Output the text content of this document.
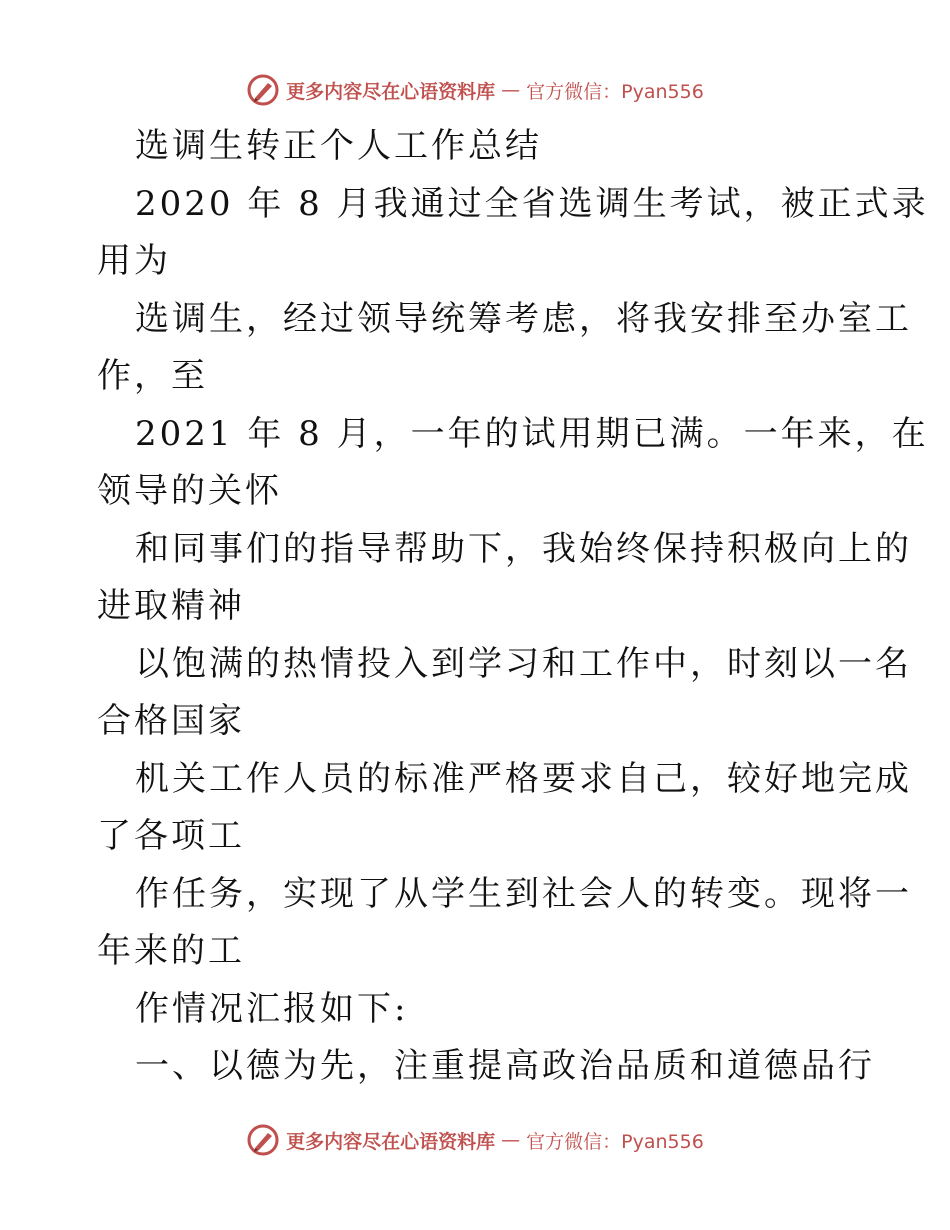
更多内容尽在心语资料库 — 官方微信：Pyan556
选调生转正个人工作总结
2020 年 8 月我通过全省选调生考试，被正式录
用为
选调生，经过领导统筹考虑，将我安排至办室工
作，至
2021 年 8 月，一年的试用期已满。一年来，在
领导的关怀
和同事们的指导帮助下，我始终保持积极向上的
进取精神
以饱满的热情投入到学习和工作中，时刻以一名
合格国家
机关工作人员的标准严格要求自己，较好地完成
了各项工
作任务，实现了从学生到社会人的转变。现将一
年来的工
作情况汇报如下:
一、以德为先，注重提高政治品质和道德品行
更多内容尽在心语资料库 — 官方微信：Pyan556
